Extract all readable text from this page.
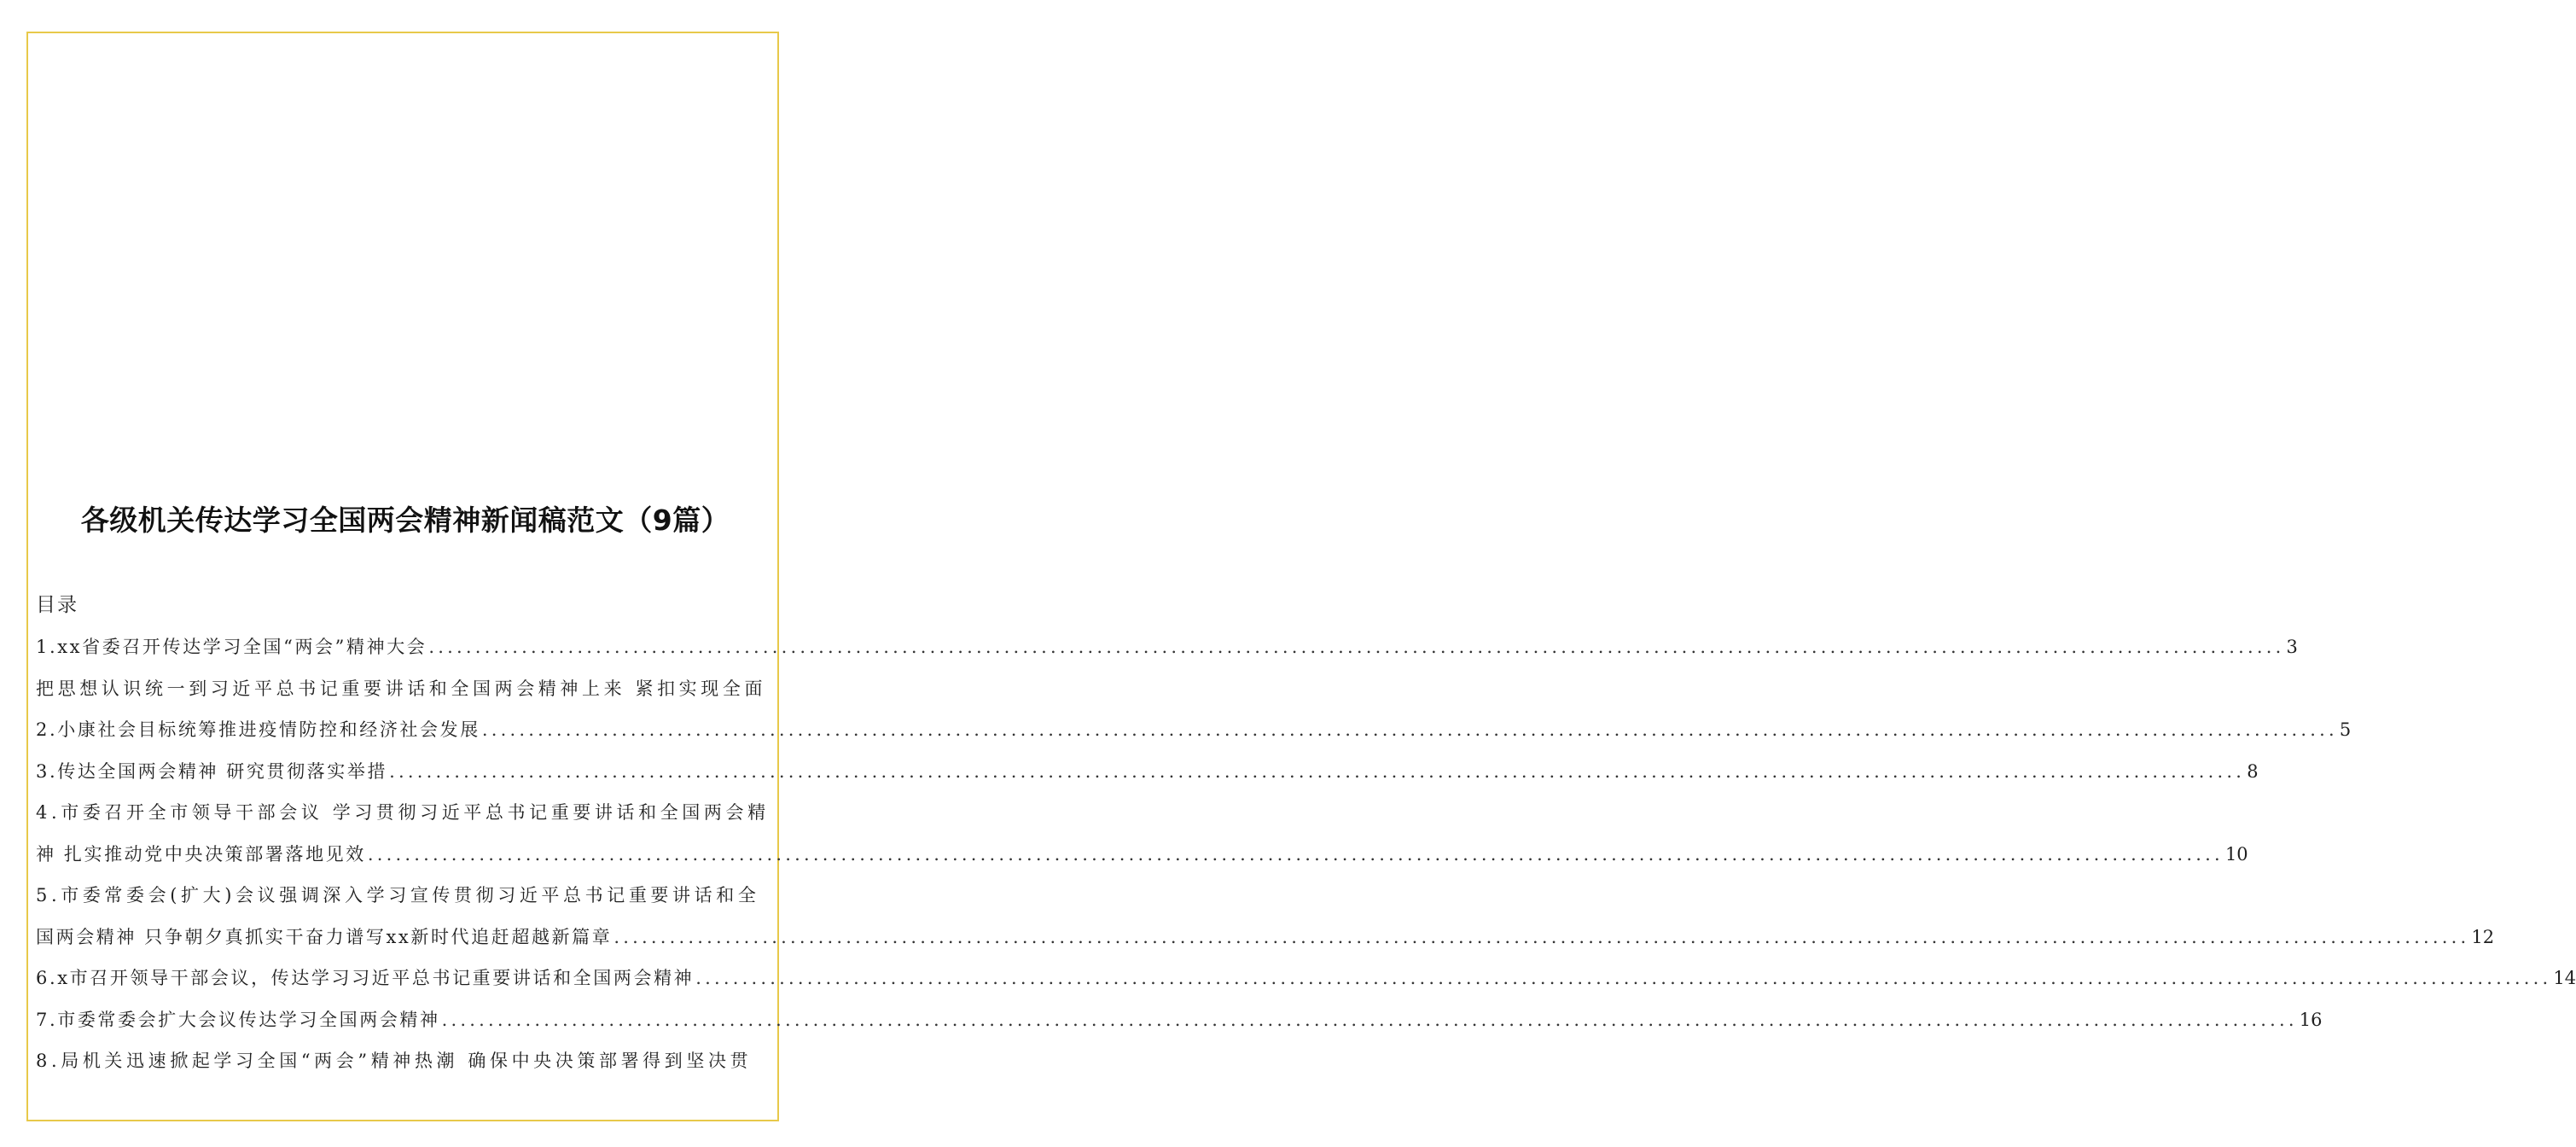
各级机关传达学习全国两会精神新闻稿范文（9篇）
目录
1.xx省委召开传达学习全国“两会”精神大会 ........................................................................................................................................................................................................ 3
把思想认识统一到习近平总书记重要讲话和全国两会精神上来 紧扣实现全面
2.小康社会目标统筹推进疫情防控和经济社会发展 ........................................................................................................................................................................................................ 5
3.传达全国两会精神 研究贯彻落实举措 ........................................................................................................................................................................................................ 8
4.市委召开全市领导干部会议 学习贯彻习近平总书记重要讲话和全国两会精
神 扎实推动党中央决策部署落地见效 ........................................................................................................................................................................................................ 10
5.市委常委会(扩大)会议强调深入学习宣传贯彻习近平总书记重要讲话和全
国两会精神 只争朝夕真抓实干奋力谱写xx新时代追赶超越新篇章 ........................................................................................................................................................................................................ 12
6.x市召开领导干部会议，传达学习习近平总书记重要讲话和全国两会精神 ........................................................................................................................................................................................................ 14
7.市委常委会扩大会议传达学习全国两会精神 ........................................................................................................................................................................................................ 16
8.局机关迅速掀起学习全国“两会”精神热潮 确保中央决策部署得到坚决贯
